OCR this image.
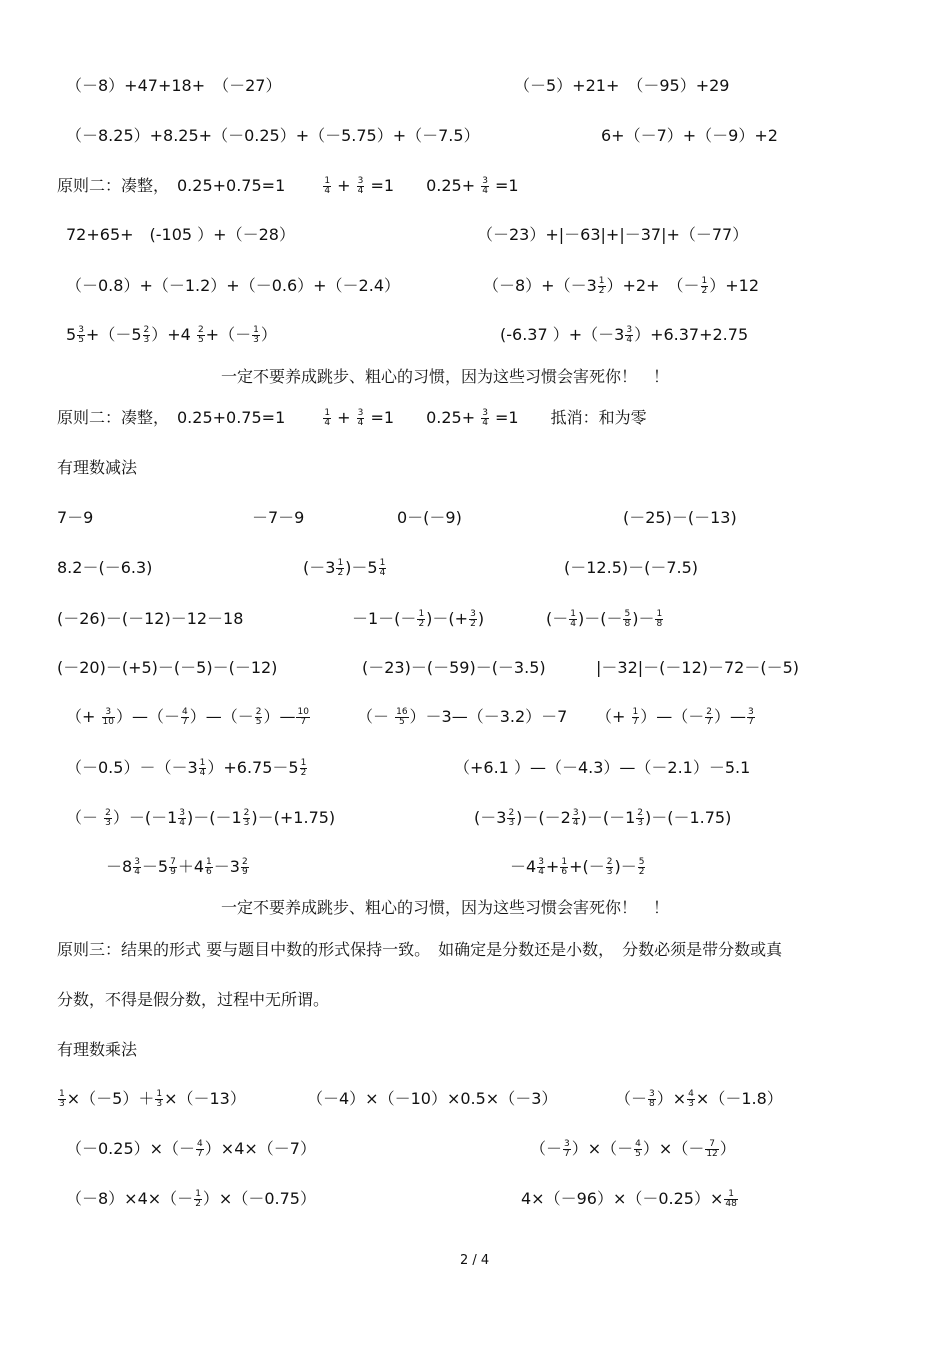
（－8）+47+18+　（－27）	（－5）+21+　（－95）+29
（－8.25）+8.25+（－0.25）+（－5.75）+（－7.5）	6+（－7）+（－9）+2
原则二：凑整，　0.25+0.75=1　　 $\frac{1}{4} + \frac{3}{4} =1$　　$0.25+ \frac{3}{4} =1$
72+65+　(-105 ）+（－28）	（－23）+|－63|+|－37|+（－77）
（－0.8）+（－1.2）+（－0.6）+（－2.4）	$(-8)+(-3 \frac{1}{2} )+2+$　（－ $\frac{1}{2} )+12$
$5 \frac{3}{5} +(-5 \frac{2}{3} )+4 \frac{2}{5}$ +（－ $\frac{1}{3}$ ）	(-6.37 ）$+(-3 \frac{3}{4} )+6.37+2.75$
一定不要养成跳步、粗心的习惯，因为这些习惯会害死你！　！
原则二：凑整，　0.25+0.75=1　　 $\frac{1}{4} + \frac{3}{4} =1$　　$0.25+ \frac{3}{4} =1$　　抵消：和为零
有理数减法
7－9	－7－9	0－(－9)	(－25)－(－13)
8.2－(－6.3)	$(-3 \frac{1}{2} )-5 \frac{1}{4}$	(－12.5)－(－7.5)
(－26)－(－12)－12－18	$-1-(- \frac{1}{2}$ )－(+ $\frac{3}{2}$ )	(－ $\frac{1}{4}$ )－(－ $\frac{5}{8}$ )－ $\frac{1}{8}$
(－20)－(+5)－(－5)－(－12)	(－23)－(－59)－(－3.5)	|－32|－(－12)－72－(－5)
（+ $\frac{3}{10}$ ）—（－ $\frac{4}{7}$ ）—（－ $\frac{2}{5}$ ）— $\frac{10}{7}$	（－ $\frac{16}{5}$ ）－3—（－3.2）－7 （+ $\frac{1}{7}$ ）—（－ $\frac{2}{7}$ ）— $\frac{3}{7}$
$(-0.5)-(-3 \frac{1}{4} )+6.75-5 \frac{1}{2}$	（+6.1 ）—（－4.3）—（－2.1）－5.1
（－ $\frac{2}{3} )-(-1 \frac{3}{4} )-(-1 \frac{2}{3} )-(+1.75)$	$(-3 \frac{2}{3} )-(-2 \frac{3}{4} )-(-1 \frac{2}{3} )-(-1.75)$
$-8 \frac{3}{4} -5 \frac{7}{9} +4 \frac{1}{6} -3 \frac{2}{9}$	$-4 \frac{3}{4} + \frac{1}{6}$ +(－ $\frac{2}{3}$ )－ $\frac{5}{2}$
一定不要养成跳步、粗心的习惯，因为这些习惯会害死你！　！
原则三：结果的形式 要与题目中数的形式保持一致。　如确定是分数还是小数，　分数必须是带分数或真
分数，不得是假分数，过程中无所谓。
有理数乘法
$\frac{1}{3} \times(-5)+ \frac{1}{3} \times(-13)$	（－4）×（－10）×0.5×（－3）	（－ $\frac{3}{8}$ ）× $\frac{4}{3} \times(-1.8)$
$(-0.25)\times(- \frac{4}{7} )\times 4\times(-7)$	（－ $\frac{3}{7}$ ）×（－ $\frac{4}{5}$ ）×（－ $\frac{7}{12}$ ）
$(-8)\times 4\times(- \frac{1}{2} )\times(-0.75)$	$4\times(-96)\times(-0.25)\times \frac{1}{48}$
2 / 4
